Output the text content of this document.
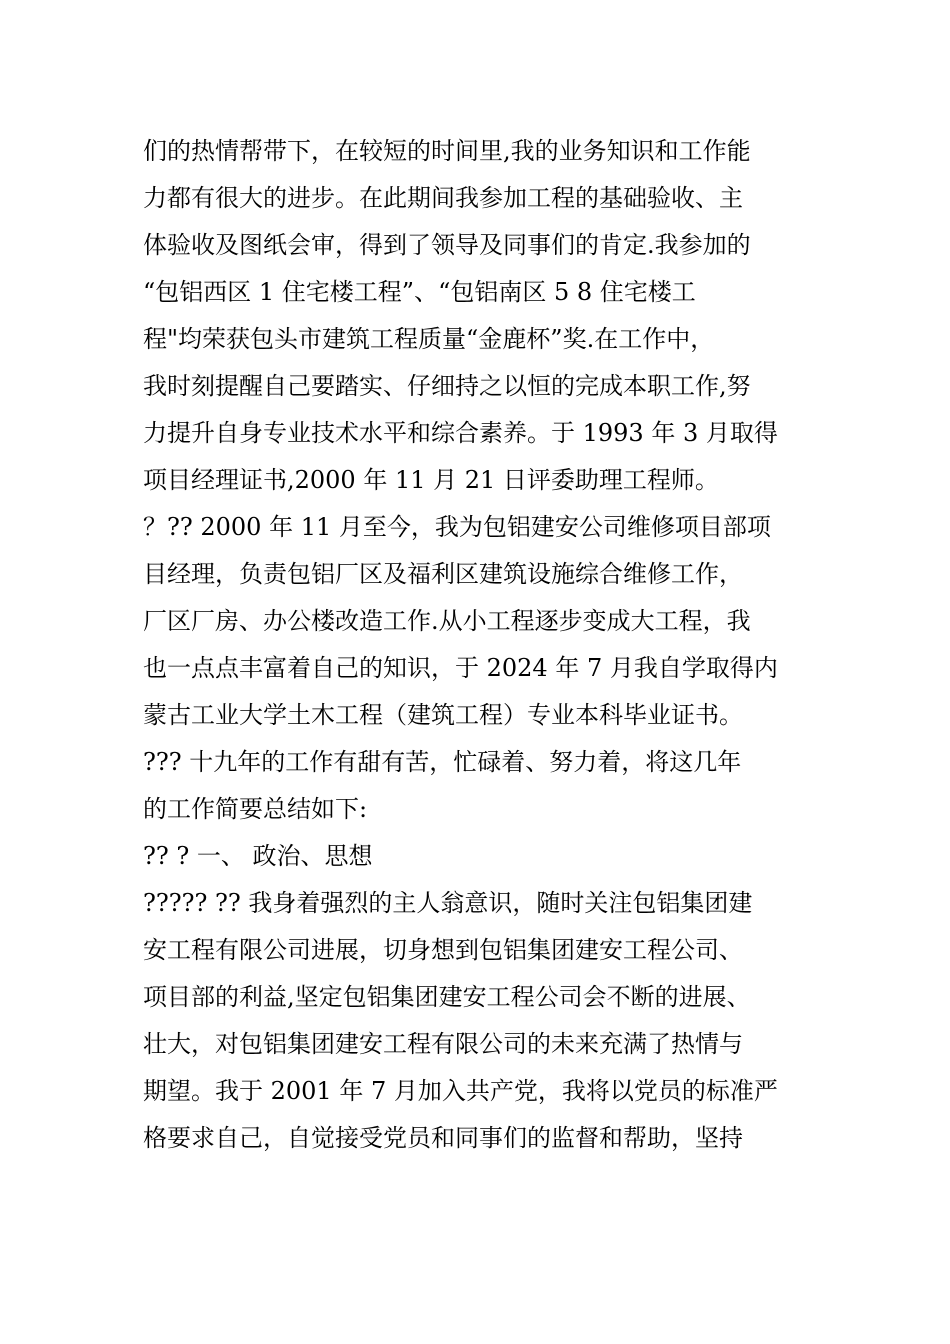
们的热情帮带下，在较短的时间里,我的业务知识和工作能
力都有很大的进步。在此期间我参加工程的基础验收、主
体验收及图纸会审，得到了领导及同事们的肯定.我参加的
“包铝西区 1 住宅楼工程”、“包铝南区 5 8 住宅楼工
程"均荣获包头市建筑工程质量“金鹿杯”奖.在工作中，
我时刻提醒自己要踏实、仔细持之以恒的完成本职工作,努
力提升自身专业技术水平和综合素养。于 1993 年 3 月取得
项目经理证书,2000 年 11 月 21 日评委助理工程师。
？?? 2000 年 11 月至今，我为包铝建安公司维修项目部项
目经理，负责包铝厂区及福利区建筑设施综合维修工作，
厂区厂房、办公楼改造工作.从小工程逐步变成大工程，我
也一点点丰富着自己的知识，于 2024 年 7 月我自学取得内
蒙古工业大学土木工程（建筑工程）专业本科毕业证书。
??? 十九年的工作有甜有苦，忙碌着、努力着，将这几年
的工作简要总结如下:
?? ? 一、 政治、思想
????? ?? 我身着强烈的主人翁意识，随时关注包铝集团建
安工程有限公司进展，切身想到包铝集团建安工程公司、
项目部的利益,坚定包铝集团建安工程公司会不断的进展、
壮大，对包铝集团建安工程有限公司的未来充满了热情与
期望。我于 2001 年 7 月加入共产党，我将以党员的标准严
格要求自己，自觉接受党员和同事们的监督和帮助，坚持
